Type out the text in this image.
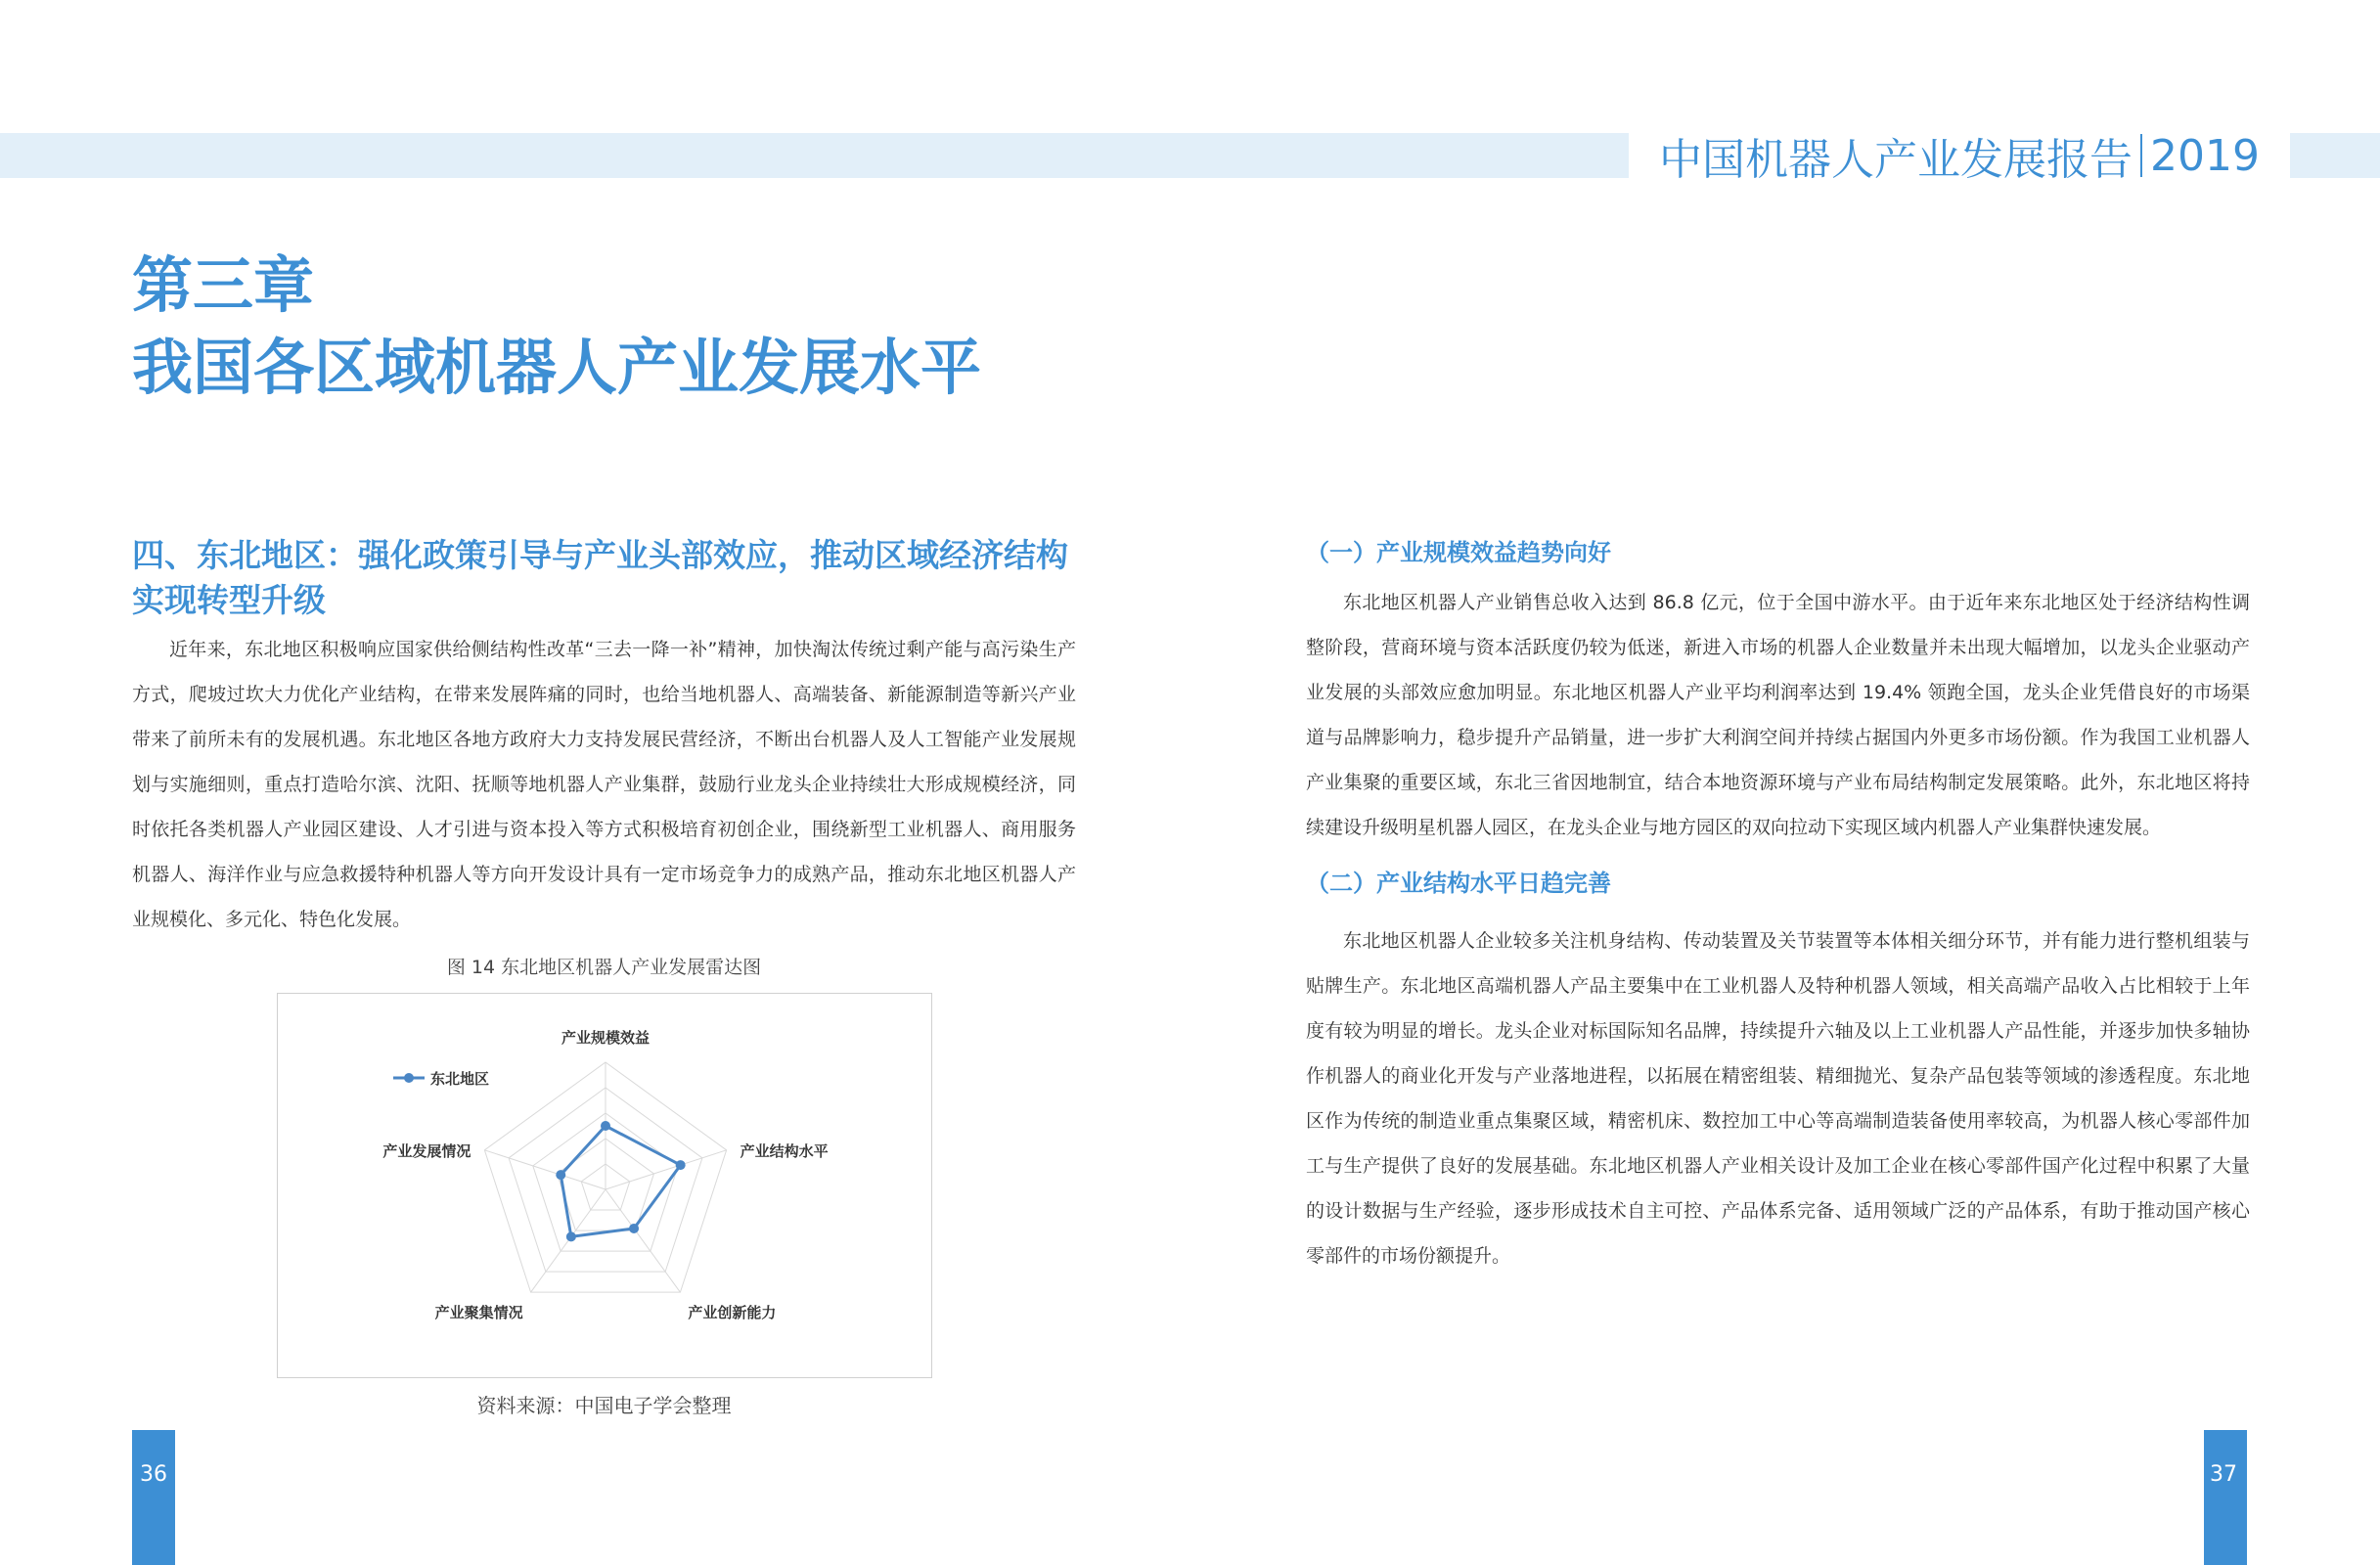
中国机器人产业发展报告 2019
第三章
我国各区域机器人产业发展水平
四、东北地区：强化政策引导与产业头部效应，推动区域经济结构实现转型升级

近年来，东北地区积极响应国家供给侧结构性改革“三去一降一补”精神，加快淘汰传统过剩产能与高污染生产方式，爬坡过坎大力优化产业结构，在带来发展阵痛的同时，也给当地机器人、高端装备、新能源制造等新兴产业带来了前所未有的发展机遇。东北地区各地方政府大力支持发展民营经济，不断出台机器人及人工智能产业发展规划与实施细则，重点打造哈尔滨、沈阳、抚顺等地机器人产业集群，鼓励行业龙头企业持续壮大形成规模经济，同时依托各类机器人产业园区建设、人才引进与资本投入等方式积极培育初创企业，围绕新型工业机器人、商用服务机器人、海洋作业与应急救援特种机器人等方向开发设计具有一定市场竞争力的成熟产品，推动东北地区机器人产业规模化、多元化、特色化发展。

图 14 东北地区机器人产业发展雷达图

产业规模效益
产业结构水平
产业创新能力
产业聚集情况
产业发展情况
东北地区
资料来源：中国电子学会整理
（一）产业规模效益趋势向好

东北地区机器人产业销售总收入达到 86.8 亿元，位于全国中游水平。由于近年来东北地区处于经济结构性调整阶段，营商环境与资本活跃度仍较为低迷，新进入市场的机器人企业数量并未出现大幅增加，以龙头企业驱动产业发展的头部效应愈加明显。东北地区机器人产业平均利润率达到 19.4% 领跑全国，龙头企业凭借良好的市场渠道与品牌影响力，稳步提升产品销量，进一步扩大利润空间并持续占据国内外更多市场份额。作为我国工业机器人产业集聚的重要区域，东北三省因地制宜，结合本地资源环境与产业布局结构制定发展策略。此外，东北地区将持续建设升级明星机器人园区，在龙头企业与地方园区的双向拉动下实现区域内机器人产业集群快速发展。

（二）产业结构水平日趋完善

东北地区机器人企业较多关注机身结构、传动装置及关节装置等本体相关细分环节，并有能力进行整机组装与贴牌生产。东北地区高端机器人产品主要集中在工业机器人及特种机器人领域，相关高端产品收入占比相较于上年度有较为明显的增长。龙头企业对标国际知名品牌，持续提升六轴及以上工业机器人产品性能，并逐步加快多轴协作机器人的商业化开发与产业落地进程，以拓展在精密组装、精细抛光、复杂产品包装等领域的渗透程度。东北地区作为传统的制造业重点集聚区域，精密机床、数控加工中心等高端制造装备使用率较高，为机器人核心零部件加工与生产提供了良好的发展基础。东北地区机器人产业相关设计及加工企业在核心零部件国产化过程中积累了大量的设计数据与生产经验，逐步形成技术自主可控、产品体系完备、适用领域广泛的产品体系，有助于推动国产核心零部件的市场份额提升。

36	37
